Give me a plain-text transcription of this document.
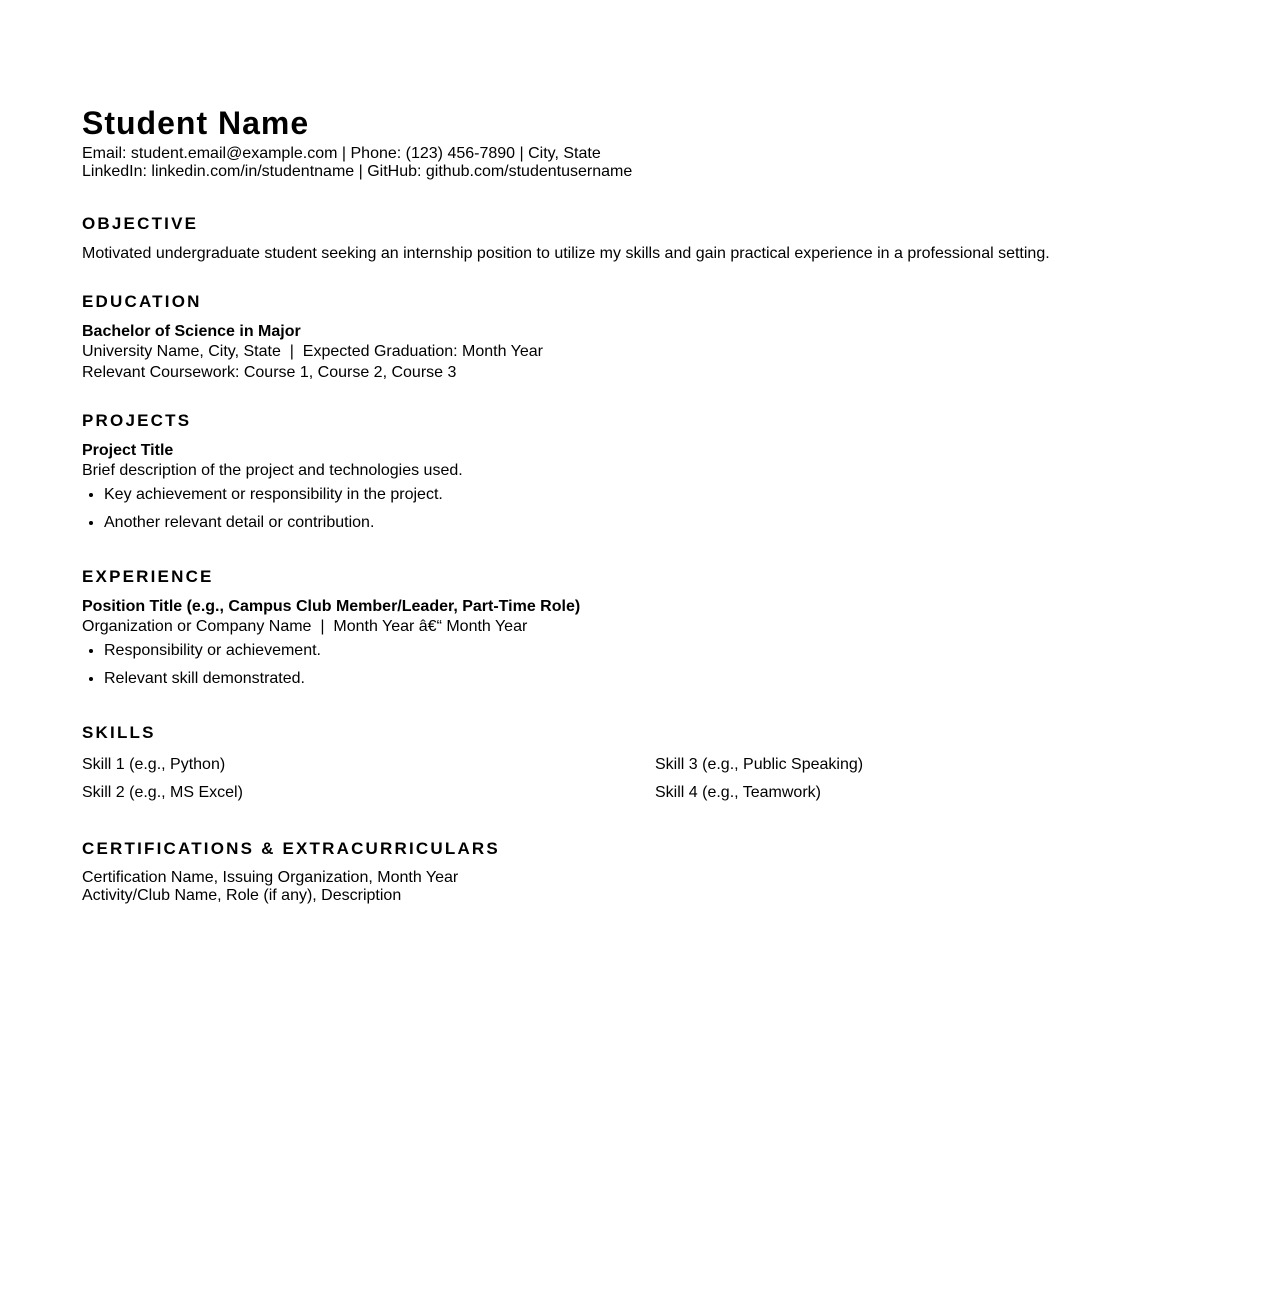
Student Name
Email: student.email@example.com | Phone: (123) 456-7890 | City, State
LinkedIn: linkedin.com/in/studentname | GitHub: github.com/studentusername
OBJECTIVE
Motivated undergraduate student seeking an internship position to utilize my skills and gain practical experience in a professional setting.
EDUCATION
Bachelor of Science in Major
University Name, City, State  |  Expected Graduation: Month Year
Relevant Coursework: Course 1, Course 2, Course 3
PROJECTS
Project Title
Brief description of the project and technologies used.
• Key achievement or responsibility in the project.
• Another relevant detail or contribution.
EXPERIENCE
Position Title (e.g., Campus Club Member/Leader, Part-Time Role)
Organization or Company Name  |  Month Year â€“ Month Year
• Responsibility or achievement.
• Relevant skill demonstrated.
SKILLS
Skill 1 (e.g., Python)	Skill 3 (e.g., Public Speaking)
Skill 2 (e.g., MS Excel)	Skill 4 (e.g., Teamwork)
CERTIFICATIONS & EXTRACURRICULARS
Certification Name, Issuing Organization, Month Year
Activity/Club Name, Role (if any), Description
